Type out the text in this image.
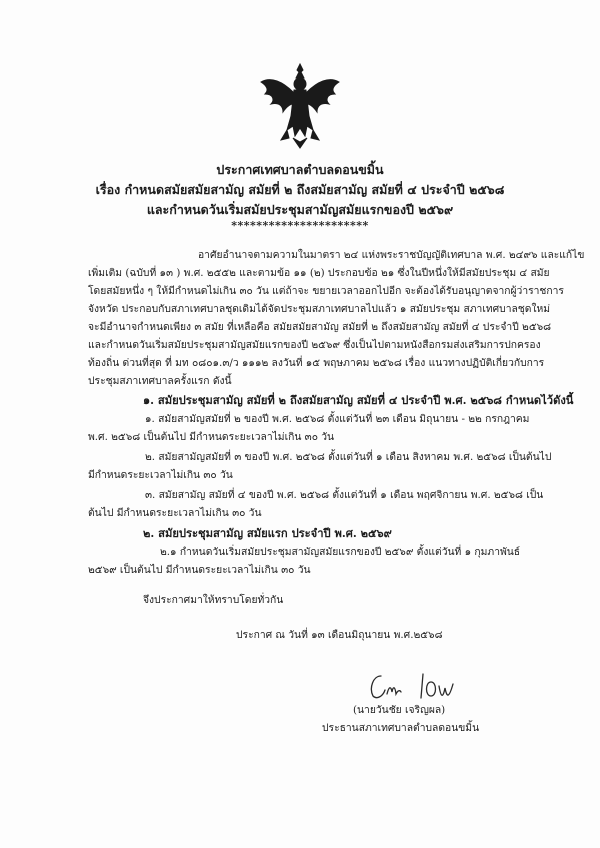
ประกาศเทศบาลตำบลดอนขมิ้น
เรื่อง กำหนดสมัยสมัยสามัญ สมัยที่ ๒ ถึงสมัยสามัญ สมัยที่ ๔ ประจำปี ๒๕๖๘
และกำหนดวันเริ่มสมัยประชุมสามัญสมัยแรกของปี ๒๕๖๙
**********************
อาศัยอำนาจตามความในมาตรา ๒๔ แห่งพระราชบัญญัติเทศบาล พ.ศ. ๒๔๙๖ และแก้ไข
เพิ่มเติม (ฉบับที่ ๑๓ ) พ.ศ. ๒๕๕๒ และตามข้อ ๑๑ (๒) ประกอบข้อ ๒๑ ซึ่งในปีหนึ่งให้มีสมัยประชุม ๔ สมัย
โดยสมัยหนึ่ง ๆ ให้มีกำหนดไม่เกิน ๓๐ วัน แต่ถ้าจะ ขยายเวลาออกไปอีก จะต้องได้รับอนุญาตจากผู้ว่าราชการ
จังหวัด ประกอบกับสภาเทศบาลชุดเดิมได้จัดประชุมสภาเทศบาลไปแล้ว ๑ สมัยประชุม สภาเทศบาลชุดใหม่
จะมีอำนาจกำหนดเพียง ๓ สมัย ที่เหลือคือ สมัยสมัยสามัญ สมัยที่ ๒ ถึงสมัยสามัญ สมัยที่ ๔ ประจำปี ๒๕๖๘
และกำหนดวันเริ่มสมัยประชุมสามัญสมัยแรกของปี ๒๕๖๙ ซึ่งเป็นไปตามหนังสือกรมส่งเสริมการปกครอง
ท้องถิ่น ด่วนที่สุด ที่ มท ๐๘๐๑.๓/ว ๑๑๑๒ ลงวันที่ ๑๕ พฤษภาคม ๒๕๖๘ เรื่อง แนวทางปฏิบัติเกี่ยวกับการ
ประชุมสภาเทศบาลครั้งแรก ดังนี้
๑. สมัยประชุมสามัญ สมัยที่ ๒ ถึงสมัยสามัญ สมัยที่ ๔ ประจำปี พ.ศ. ๒๕๖๘ กำหนดไว้ดังนี้
๑. สมัยสามัญสมัยที่ ๒ ของปี พ.ศ. ๒๕๖๘ ตั้งแต่วันที่ ๒๓ เดือน มิถุนายน - ๒๒ กรกฎาคม
พ.ศ. ๒๕๖๘ เป็นต้นไป มีกำหนดระยะเวลาไม่เกิน ๓๐ วัน
๒. สมัยสามัญสมัยที่ ๓ ของปี พ.ศ. ๒๕๖๘ ตั้งแต่วันที่ ๑ เดือน สิงหาคม พ.ศ. ๒๕๖๘ เป็นต้นไป
มีกำหนดระยะเวลาไม่เกิน ๓๐ วัน
๓. สมัยสามัญ สมัยที่ ๔ ของปี พ.ศ. ๒๕๖๘ ตั้งแต่วันที่ ๑ เดือน พฤศจิกายน พ.ศ. ๒๕๖๘ เป็น
ต้นไป มีกำหนดระยะเวลาไม่เกิน ๓๐ วัน
๒. สมัยประชุมสามัญ สมัยแรก ประจำปี พ.ศ. ๒๕๖๙
๒.๑ กำหนดวันเริ่มสมัยประชุมสามัญสมัยแรกของปี ๒๕๖๙ ตั้งแต่วันที่ ๑ กุมภาพันธ์
๒๕๖๙ เป็นต้นไป มีกำหนดระยะเวลาไม่เกิน ๓๐ วัน
จึงประกาศมาให้ทราบโดยทั่วกัน
ประกาศ ณ วันที่ ๑๓ เดือนมิถุนายน พ.ศ.๒๕๖๘
(นายวันชัย เจริญผล)
ประธานสภาเทศบาลตำบลดอนขมิ้น
